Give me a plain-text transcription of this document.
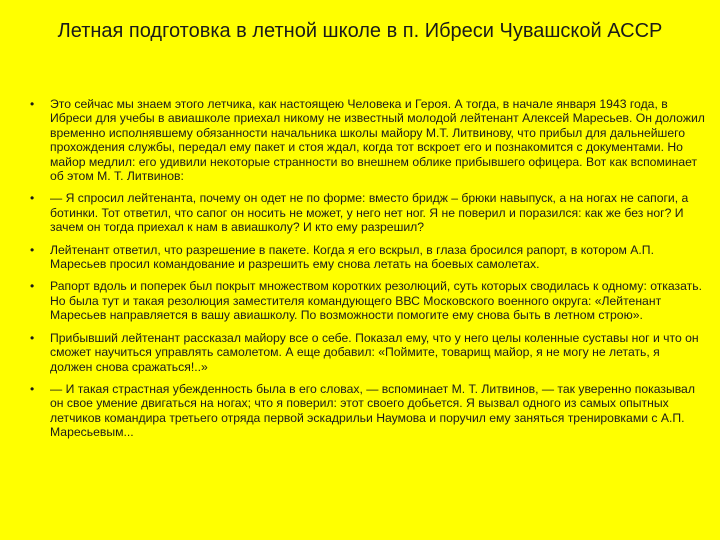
Летная подготовка в летной школе в п. Ибреси Чувашской АССР
•	Это сейчас мы знаем этого летчика, как настоящею Человека и Героя. А тогда, в начале января 1943 года, в Ибреси для учебы в авиашколе приехал никому не известный молодой лейтенант Алексей Маресьев. Он доложил временно исполнявшему обязанности начальника школы майору М.Т. Литвинову, что прибыл для дальнейшего прохождения службы, передал ему пакет и стоя ждал, когда тот вскроет его и познакомится с документами. Но майор медлил: его удивили некоторые странности во внешнем облике прибывшего офицера. Вот как вспоминает об этом М. Т. Литвинов:
•	— Я спросил лейтенанта, почему он одет не по форме: вместо бридж – брюки навыпуск, а на ногах не сапоги, а ботинки. Тот ответил, что сапог он носить не может, у него нет ног. Я не поверил и поразился: как же без ног? И зачем он тогда приехал к нам в авиашколу? И кто ему разрешил?
•	Лейтенант ответил, что разрешение в пакете. Когда я его вскрыл, в глаза бросился рапорт, в котором А.П. Маресьев просил командование и разрешить ему снова летать на боевых самолетах.
•	Рапорт вдоль и поперек был покрыт множеством коротких резолюций, суть которых сводилась к одному: отказать. Но была тут и такая резолюция заместителя командующего ВВС Московского военного округа: «Лейтенант Маресьев направляется в вашу авиашколу. По возможности помогите ему снова быть в летном строю».
•	Прибывший лейтенант рассказал майору все о себе. Показал ему, что у него целы коленные суставы ног и что он сможет научиться управлять самолетом. А еще добавил: «Поймите, товарищ майор, я не могу не летать, я должен снова сражаться!..»
•	— И такая страстная убежденность была в его словах, — вспоминает М. Т. Литвинов, — так уверенно показывал он свое умение двигаться на ногах; что я поверил: этот своего добьется. Я вызвал одного из самых опытных летчиков командира третьего отряда первой эскадрильи Наумова и поручил ему заняться тренировками с А.П. Маресьевым...
